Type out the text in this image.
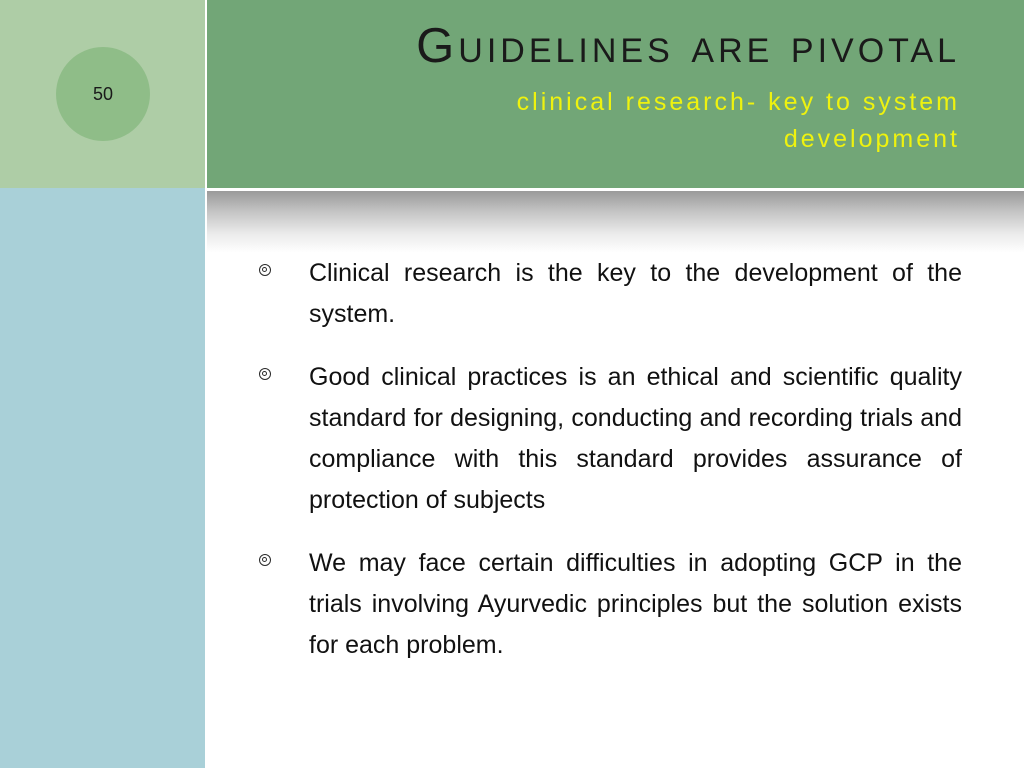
50
Guidelines are pivotal
clinical research- key to system development
Clinical research is the key to the development of the system.
Good clinical practices is an ethical and scientific quality standard for designing, conducting and recording trials and compliance with this standard provides assurance of protection of subjects
We may face certain difficulties in adopting GCP in the trials involving Ayurvedic principles but the solution exists for each problem.
